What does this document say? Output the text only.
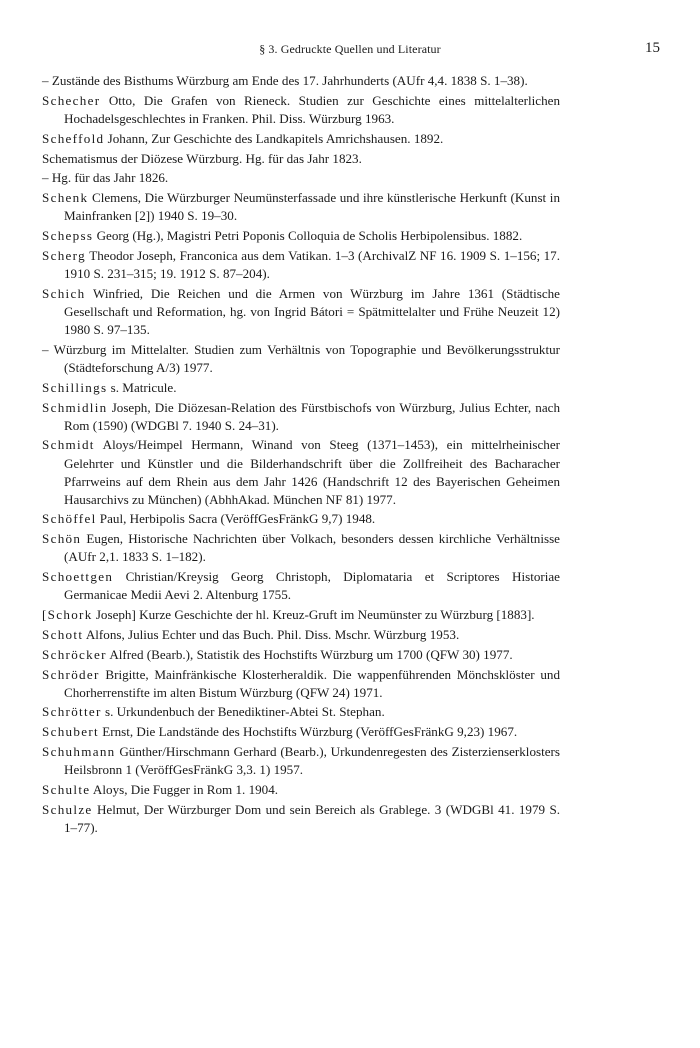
§ 3. Gedruckte Quellen und Literatur	15
– Zustände des Bisthums Würzburg am Ende des 17. Jahrhunderts (AUfr 4,4. 1838 S. 1–38).
Schecher Otto, Die Grafen von Rieneck. Studien zur Geschichte eines mittelalterlichen Hochadelsgeschlechtes in Franken. Phil. Diss. Würzburg 1963.
Scheffold Johann, Zur Geschichte des Landkapitels Amrichshausen. 1892.
Schematismus der Diözese Würzburg. Hg. für das Jahr 1823.
– Hg. für das Jahr 1826.
Schenk Clemens, Die Würzburger Neumünsterfassade und ihre künstlerische Herkunft (Kunst in Mainfranken [2]) 1940 S. 19–30.
Schepss Georg (Hg.), Magistri Petri Poponis Colloquia de Scholis Herbipolensibus. 1882.
Scherg Theodor Joseph, Franconica aus dem Vatikan. 1–3 (ArchivalZ NF 16. 1909 S. 1–156; 17. 1910 S. 231–315; 19. 1912 S. 87–204).
Schich Winfried, Die Reichen und die Armen von Würzburg im Jahre 1361 (Städtische Gesellschaft und Reformation, hg. von Ingrid Bátori = Spätmittelalter und Frühe Neuzeit 12) 1980 S. 97–135.
– Würzburg im Mittelalter. Studien zum Verhältnis von Topographie und Bevölkerungsstruktur (Städteforschung A/3) 1977.
Schillings s. Matricule.
Schmidlin Joseph, Die Diözesan-Relation des Fürstbischofs von Würzburg, Julius Echter, nach Rom (1590) (WDGBl 7. 1940 S. 24–31).
Schmidt Aloys/Heimpel Hermann, Winand von Steeg (1371–1453), ein mittelrheinischer Gelehrter und Künstler und die Bilderhandschrift über die Zollfreiheit des Bacharacher Pfarrweins auf dem Rhein aus dem Jahr 1426 (Handschrift 12 des Bayerischen Geheimen Hausarchivs zu München) (AbhhAkad. München NF 81) 1977.
Schöffel Paul, Herbipolis Sacra (VeröffGesFränkG 9,7) 1948.
Schön Eugen, Historische Nachrichten über Volkach, besonders dessen kirchliche Verhältnisse (AUfr 2,1. 1833 S. 1–182).
Schoettgen Christian/Kreysig Georg Christoph, Diplomataria et Scriptores Historiae Germanicae Medii Aevi 2. Altenburg 1755.
[Schork Joseph] Kurze Geschichte der hl. Kreuz-Gruft im Neumünster zu Würzburg [1883].
Schott Alfons, Julius Echter und das Buch. Phil. Diss. Mschr. Würzburg 1953.
Schröcker Alfred (Bearb.), Statistik des Hochstifts Würzburg um 1700 (QFW 30) 1977.
Schröder Brigitte, Mainfränkische Klosterheraldik. Die wappenführenden Mönchsklöster und Chorherrenstifte im alten Bistum Würzburg (QFW 24) 1971.
Schrötter s. Urkundenbuch der Benediktiner-Abtei St. Stephan.
Schubert Ernst, Die Landstände des Hochstifts Würzburg (VeröffGesFränkG 9,23) 1967.
Schuhmann Günther/Hirschmann Gerhard (Bearb.), Urkundenregesten des Zisterzienserklosters Heilsbronn 1 (VeröffGesFränkG 3,3. 1) 1957.
Schulte Aloys, Die Fugger in Rom 1. 1904.
Schulze Helmut, Der Würzburger Dom und sein Bereich als Grablege. 3 (WDGBl 41. 1979 S. 1–77).
